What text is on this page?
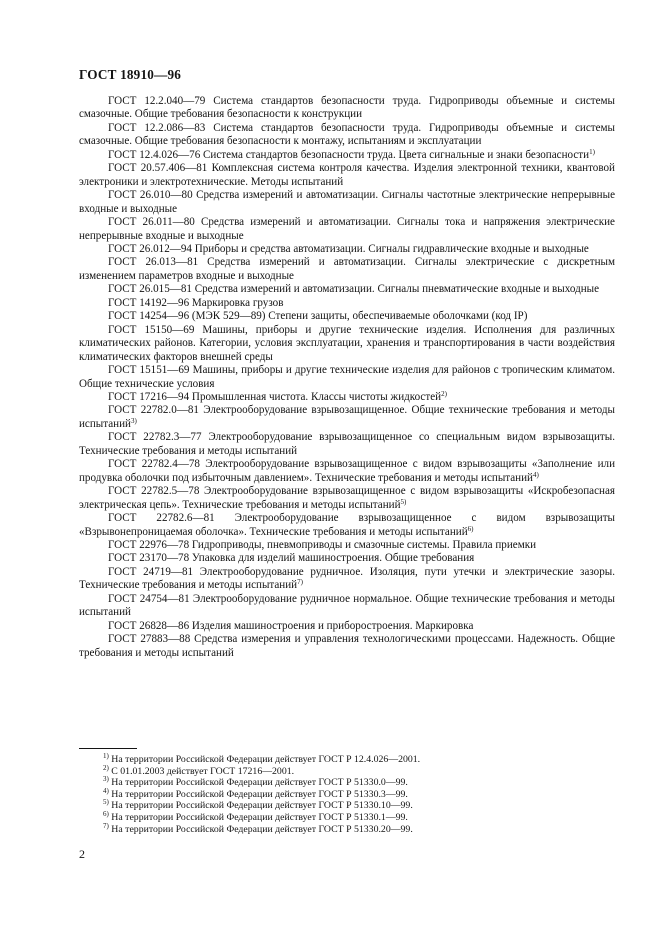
ГОСТ 18910—96

ГОСТ 12.2.040—79 Система стандартов безопасности труда. Гидроприводы объемные и системы смазочные. Общие требования безопасности к конструкции

ГОСТ 12.2.086—83 Система стандартов безопасности труда. Гидроприводы объемные и системы смазочные. Общие требования безопасности к монтажу, испытаниям и эксплуатации

ГОСТ 12.4.026—76 Система стандартов безопасности труда. Цвета сигнальные и знаки безопасности$^{1)}$

ГОСТ 20.57.406—81 Комплексная система контроля качества. Изделия электронной техники, квантовой электроники и электротехнические. Методы испытаний

ГОСТ 26.010—80 Средства измерений и автоматизации. Сигналы частотные электрические непрерывные входные и выходные

ГОСТ 26.011—80 Средства измерений и автоматизации. Сигналы тока и напряжения электрические непрерывные входные и выходные

ГОСТ 26.012—94 Приборы и средства автоматизации. Сигналы гидравлические входные и выходные

ГОСТ 26.013—81 Средства измерений и автоматизации. Сигналы электрические с дискретным изменением параметров входные и выходные

ГОСТ 26.015—81 Средства измерений и автоматизации. Сигналы пневматические входные и выходные

ГОСТ 14192—96 Маркировка грузов

ГОСТ 14254—96 (МЭК 529—89) Степени защиты, обеспечиваемые оболочками (код IP)

ГОСТ 15150—69 Машины, приборы и другие технические изделия. Исполнения для различных климатических районов. Категории, условия эксплуатации, хранения и транспортирования в части воздействия климатических факторов внешней среды

ГОСТ 15151—69 Машины, приборы и другие технические изделия для районов с тропическим климатом. Общие технические условия

ГОСТ 17216—94 Промышленная чистота. Классы чистоты жидкостей$^{2)}$

ГОСТ 22782.0—81 Электрооборудование взрывозащищенное. Общие технические требования и методы испытаний$^{3)}$

ГОСТ 22782.3—77 Электрооборудование взрывозащищенное со специальным видом взрывозащиты. Технические требования и методы испытаний

ГОСТ 22782.4—78 Электрооборудование взрывозащищенное с видом взрывозащиты «Заполнение или продувка оболочки под избыточным давлением». Технические требования и методы испытаний$^{4)}$

ГОСТ 22782.5—78 Электрооборудование взрывозащищенное с видом взрывозащиты «Искробезопасная электрическая цепь». Технические требования и методы испытаний$^{5)}$

ГОСТ 22782.6—81 Электрооборудование взрывозащищенное с видом взрывозащиты «Взрывонепроницаемая оболочка». Технические требования и методы испытаний$^{6)}$

ГОСТ 22976—78 Гидроприводы, пневмоприводы и смазочные системы. Правила приемки

ГОСТ 23170—78 Упаковка для изделий машиностроения. Общие требования

ГОСТ 24719—81 Электрооборудование рудничное. Изоляция, пути утечки и электрические зазоры. Технические требования и методы испытаний$^{7)}$

ГОСТ 24754—81 Электрооборудование рудничное нормальное. Общие технические требования и методы испытаний

ГОСТ 26828—86 Изделия машиностроения и приборостроения. Маркировка

ГОСТ 27883—88 Средства измерения и управления технологическими процессами. Надежность. Общие требования и методы испытаний

$^{1)}$ На территории Российской Федерации действует ГОСТ Р 12.4.026—2001.

$^{2)}$ С 01.01.2003 действует ГОСТ 17216—2001.

$^{3)}$ На территории Российской Федерации действует ГОСТ Р 51330.0—99.

$^{4)}$ На территории Российской Федерации действует ГОСТ Р 51330.3—99.

$^{5)}$ На территории Российской Федерации действует ГОСТ Р 51330.10—99.

$^{6)}$ На территории Российской Федерации действует ГОСТ Р 51330.1—99.

$^{7)}$ На территории Российской Федерации действует ГОСТ Р 51330.20—99.

2
